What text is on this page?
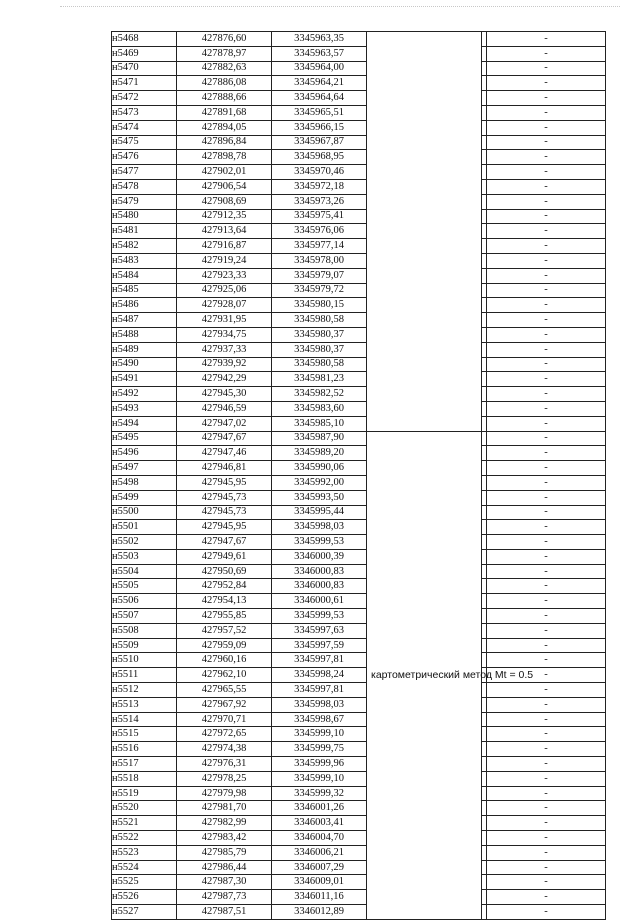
н5468	427876,60	3345963,35			-
н5469	427878,97	3345963,57			-
н5470	427882,63	3345964,00			-
н5471	427886,08	3345964,21			-
н5472	427888,66	3345964,64			-
н5473	427891,68	3345965,51			-
н5474	427894,05	3345966,15			-
н5475	427896,84	3345967,87			-
н5476	427898,78	3345968,95			-
н5477	427902,01	3345970,46			-
н5478	427906,54	3345972,18			-
н5479	427908,69	3345973,26			-
н5480	427912,35	3345975,41			-
н5481	427913,64	3345976,06			-
н5482	427916,87	3345977,14			-
н5483	427919,24	3345978,00			-
н5484	427923,33	3345979,07			-
н5485	427925,06	3345979,72			-
н5486	427928,07	3345980,15			-
н5487	427931,95	3345980,58			-
н5488	427934,75	3345980,37			-
н5489	427937,33	3345980,37			-
н5490	427939,92	3345980,58			-
н5491	427942,29	3345981,23			-
н5492	427945,30	3345982,52			-
н5493	427946,59	3345983,60			-
н5494	427947,02	3345985,10			-
н5495	427947,67	3345987,90	картометрический метод Mt = 0.5		-
н5496	427947,46	3345989,20			-
н5497	427946,81	3345990,06			-
н5498	427945,95	3345992,00			-
н5499	427945,73	3345993,50			-
н5500	427945,73	3345995,44			-
н5501	427945,95	3345998,03			-
н5502	427947,67	3345999,53			-
н5503	427949,61	3346000,39			-
н5504	427950,69	3346000,83			-
н5505	427952,84	3346000,83			-
н5506	427954,13	3346000,61			-
н5507	427955,85	3345999,53			-
н5508	427957,52	3345997,63			-
н5509	427959,09	3345997,59			-
н5510	427960,16	3345997,81			-
н5511	427962,10	3345998,24			-
н5512	427965,55	3345997,81			-
н5513	427967,92	3345998,03			-
н5514	427970,71	3345998,67			-
н5515	427972,65	3345999,10			-
н5516	427974,38	3345999,75			-
н5517	427976,31	3345999,96			-
н5518	427978,25	3345999,10			-
н5519	427979,98	3345999,32			-
н5520	427981,70	3346001,26			-
н5521	427982,99	3346003,41			-
н5522	427983,42	3346004,70			-
н5523	427985,79	3346006,21			-
н5524	427986,44	3346007,29			-
н5525	427987,30	3346009,01			-
н5526	427987,73	3346011,16			-
н5527	427987,51	3346012,89			-
